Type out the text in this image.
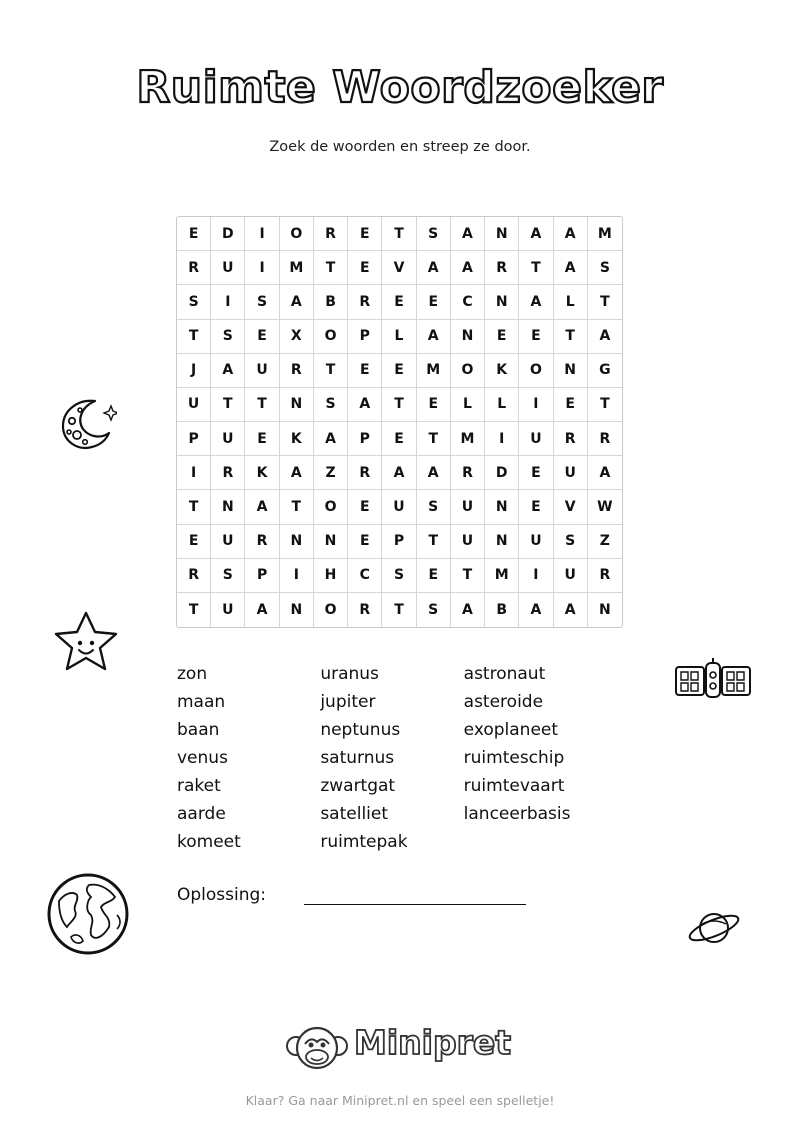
Ruimte Woordzoeker
Zoek de woorden en streep ze door.
E	D	I	O	R	E	T	S	A	N	A	A	M
R	U	I	M	T	E	V	A	A	R	T	A	S
S	I	S	A	B	R	E	E	C	N	A	L	T
T	S	E	X	O	P	L	A	N	E	E	T	A
J	A	U	R	T	E	E	M	O	K	O	N	G
U	T	T	N	S	A	T	E	L	L	I	E	T
P	U	E	K	A	P	E	T	M	I	U	R	R
I	R	K	A	Z	R	A	A	R	D	E	U	A
T	N	A	T	O	E	U	S	U	N	E	V	W
E	U	R	N	N	E	P	T	U	N	U	S	Z
R	S	P	I	H	C	S	E	T	M	I	U	R
T	U	A	N	O	R	T	S	A	B	A	A	N
zon
maan
baan
venus
raket
aarde
komeet
uranus
jupiter
neptunus
saturnus
zwartgat
satelliet
ruimtepak
astronaut
asteroide
exoplaneet
ruimteschip
ruimtevaart
lanceerbasis
Oplossing:
Minipret
Klaar? Ga naar Minipret.nl en speel een spelletje!
